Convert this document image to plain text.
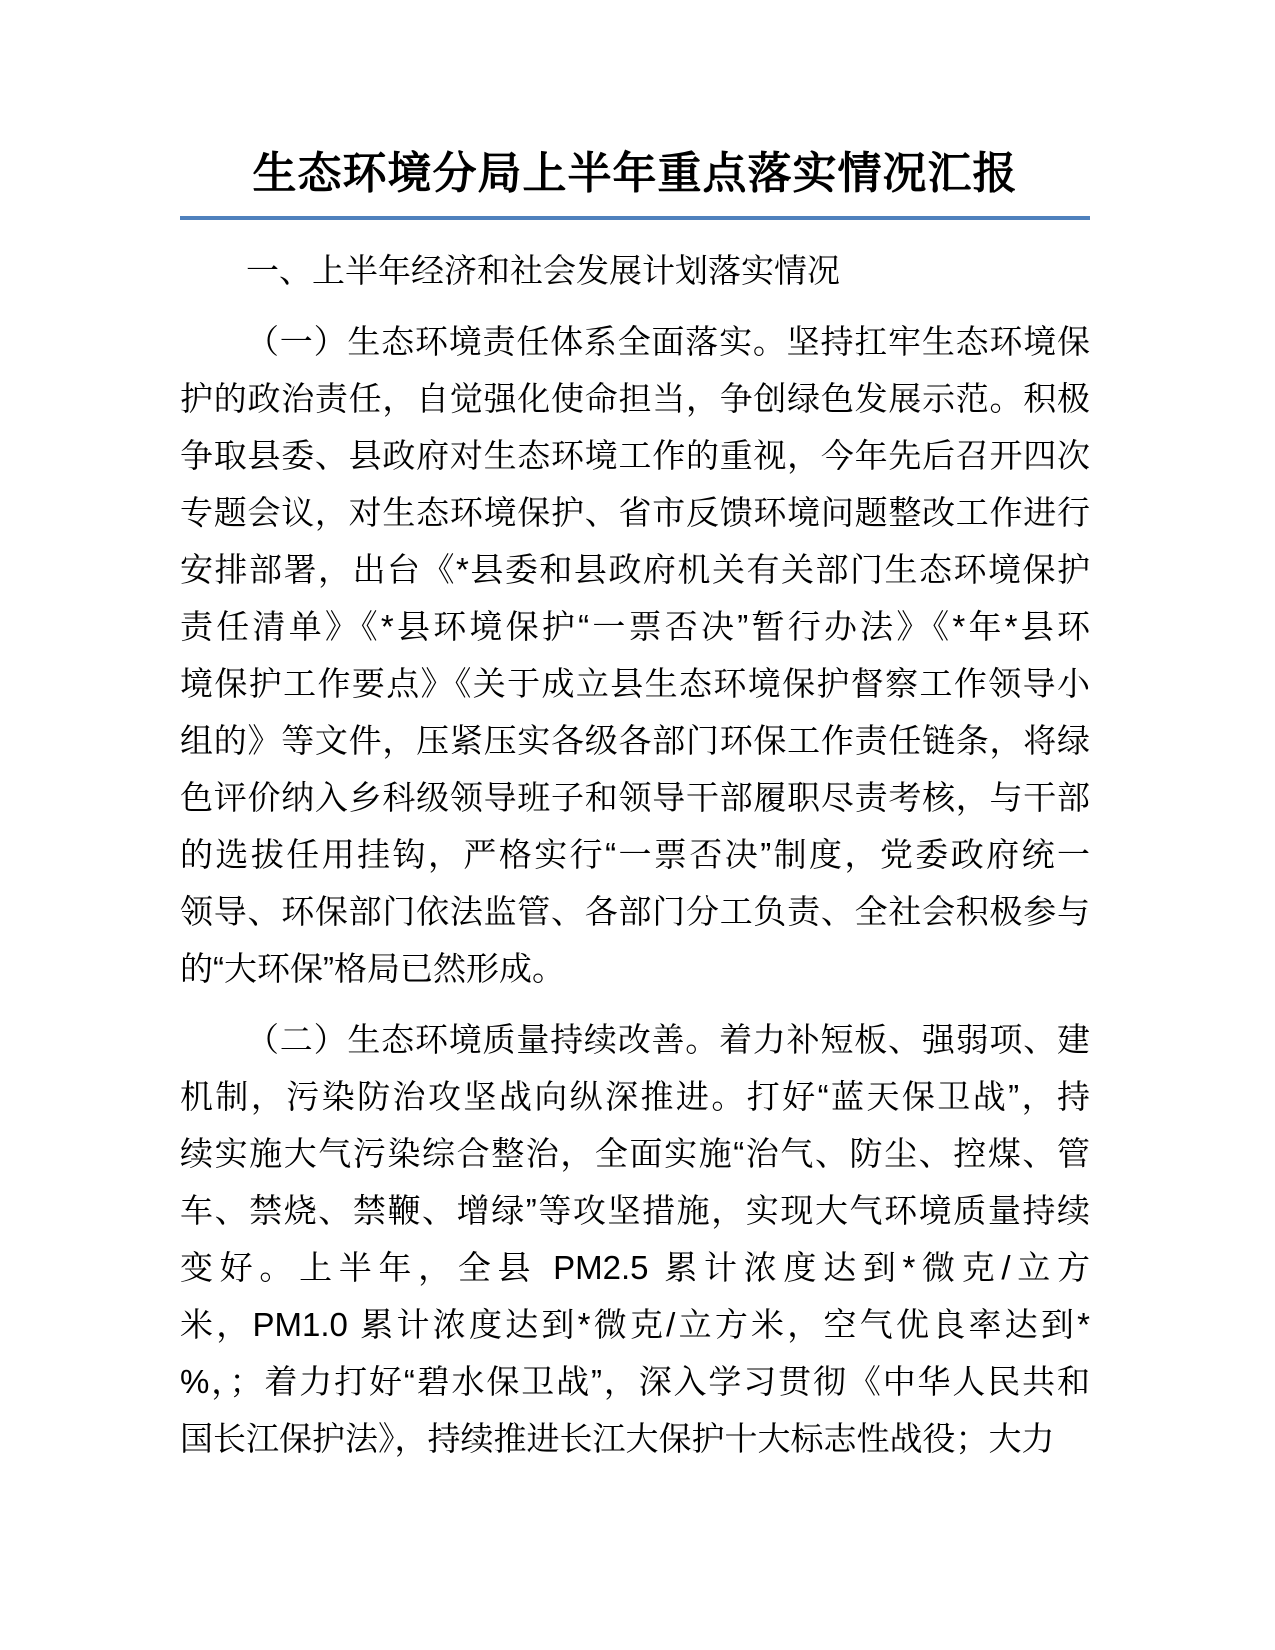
生态环境分局上半年重点落实情况汇报
一、上半年经济和社会发展计划落实情况
（一）生态环境责任体系全面落实。坚持扛牢生态环境保
护的政治责任，自觉强化使命担当，争创绿色发展示范。积极
争取县委、县政府对生态环境工作的重视，今年先后召开四次
专题会议，对生态环境保护、省市反馈环境问题整改工作进行
安排部署，出台《*县委和县政府机关有关部门生态环境保护
责任清单》《*县环境保护“一票否决”暂行办法》《*年*县环
境保护工作要点》《关于成立县生态环境保护督察工作领导小
组的》等文件，压紧压实各级各部门环保工作责任链条，将绿
色评价纳入乡科级领导班子和领导干部履职尽责考核，与干部
的选拔任用挂钩，严格实行“一票否决”制度，党委政府统一
领导、环保部门依法监管、各部门分工负责、全社会积极参与
的“大环保”格局已然形成。
（二）生态环境质量持续改善。着力补短板、强弱项、建
机制，污染防治攻坚战向纵深推进。打好“蓝天保卫战”，持
续实施大气污染综合整治，全面实施“治气、防尘、控煤、管
车、禁烧、禁鞭、增绿”等攻坚措施，实现大气环境质量持续
变好。上半年，全县 PM2.5 累计浓度达到*微克/立方
米，PM1.0 累计浓度达到*微克/立方米，空气优良率达到*
%，；着力打好“碧水保卫战”，深入学习贯彻《中华人民共和
国长江保护法》，持续推进长江大保护十大标志性战役；大力
